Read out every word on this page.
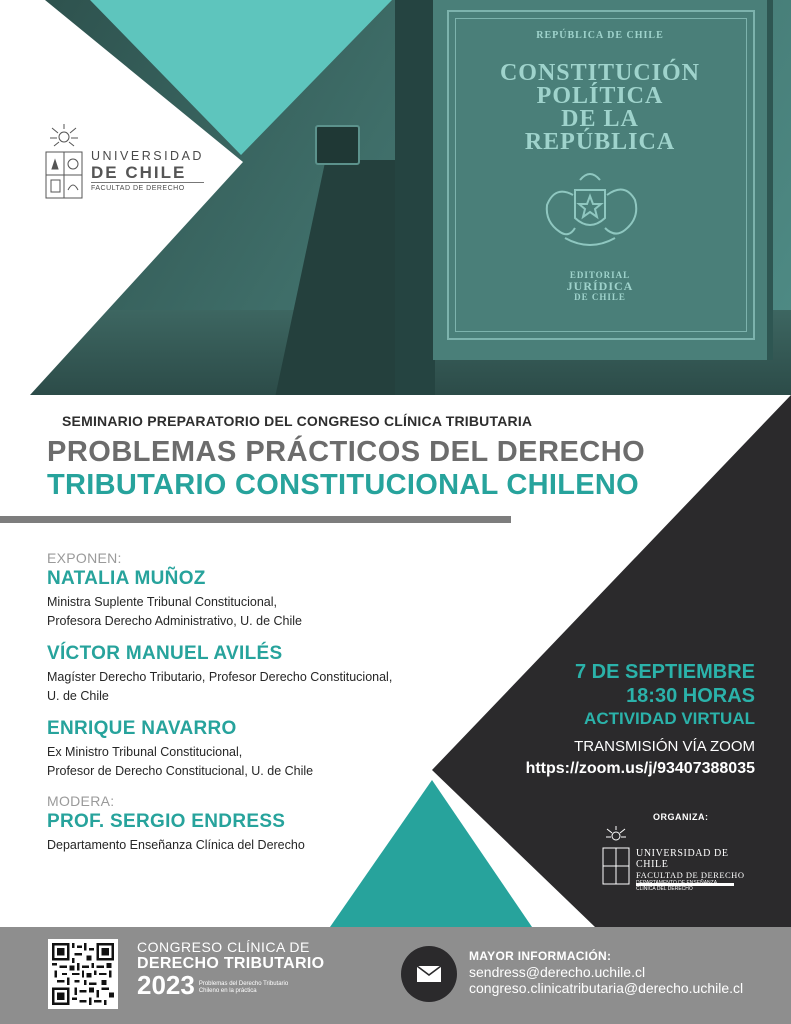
REPÚBLICA DE CHILE
CONSTITUCIÓN
POLÍTICA
DE LA
REPÚBLICA
EDITORIAL
JURÍDICA
DE CHILE
UNIVERSIDAD
DE CHILE
FACULTAD DE DERECHO
SEMINARIO PREPARATORIO DEL CONGRESO CLÍNICA TRIBUTARIA
PROBLEMAS PRÁCTICOS DEL DERECHO
TRIBUTARIO CONSTITUCIONAL CHILENO
EXPONEN:
NATALIA MUÑOZ
Ministra Suplente Tribunal Constitucional,
Profesora Derecho Administrativo, U. de Chile
VÍCTOR MANUEL AVILÉS
Magíster Derecho Tributario, Profesor Derecho Constitucional,
U. de Chile
ENRIQUE NAVARRO
Ex Ministro Tribunal Constitucional,
Profesor de Derecho Constitucional, U. de Chile
MODERA:
PROF. SERGIO ENDRESS
Departamento Enseñanza Clínica del Derecho
7 DE SEPTIEMBRE
18:30 HORAS
ACTIVIDAD VIRTUAL
TRANSMISIÓN VÍA ZOOM
https://zoom.us/j/93407388035
ORGANIZA:
UNIVERSIDAD DE CHILE
FACULTAD DE DERECHO
CLÍNICA DEL DERECHO
CONGRESO CLÍNICA DE
DERECHO TRIBUTARIO
2023 Problemas del Derecho Tributario Chileno en la práctica
MAYOR INFORMACIÓN:
sendress@derecho.uchile.cl
congreso.clinicatributaria@derecho.uchile.cl
